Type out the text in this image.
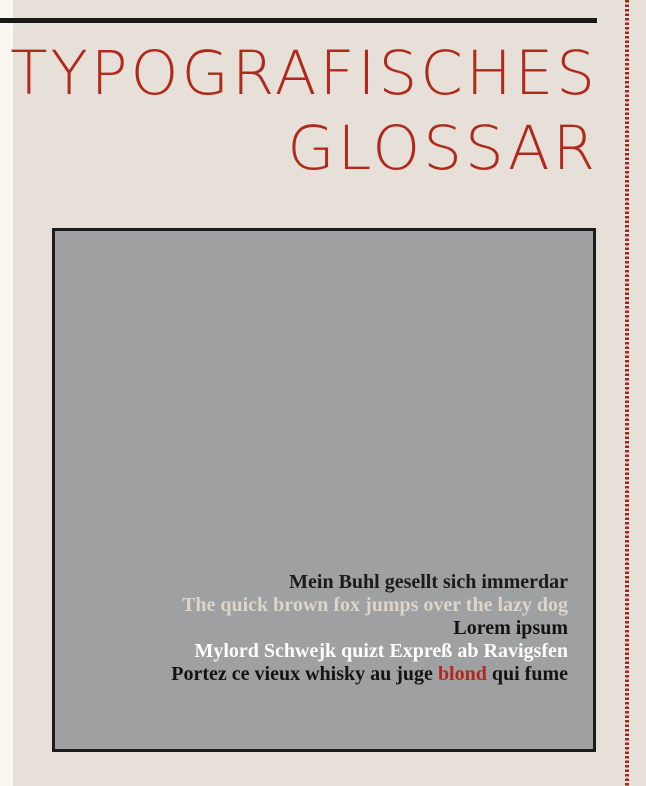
TYPOGRAFISCHES
GLOSSAR
Mein Buhl gesellt sich immerdar
The quick brown fox jumps over the lazy dog
Lorem ipsum
Mylord Schwejk quizt Expreß ab Ravigsfen
Portez ce vieux whisky au juge blond qui fume
